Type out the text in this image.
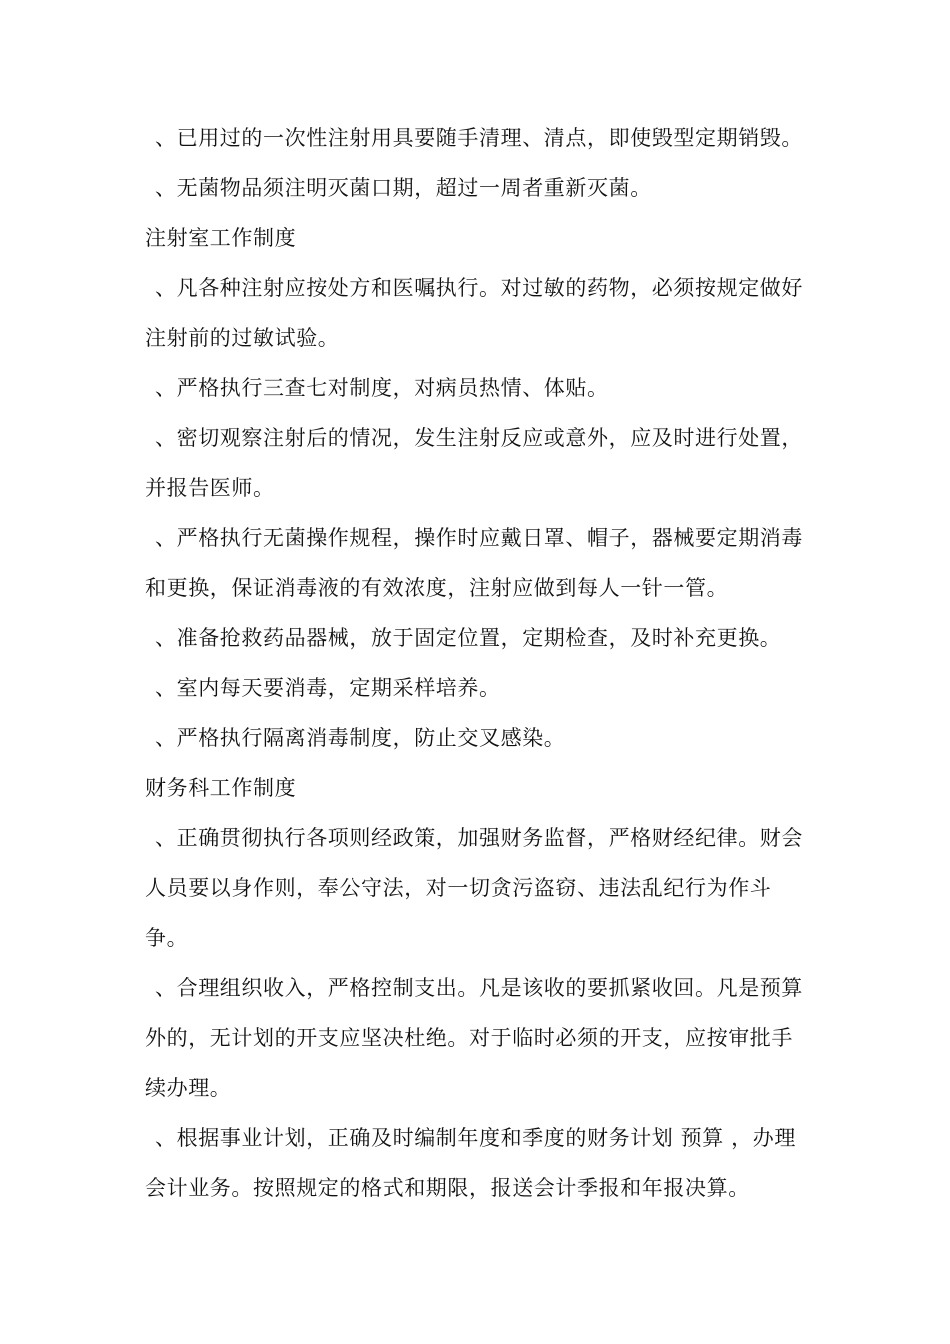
、已用过的一次性注射用具要随手清理、清点，即使毁型定期销毁。

、无菌物品须注明灭菌口期，超过一周者重新灭菌。

注射室工作制度

、凡各种注射应按处方和医嘱执行。对过敏的药物，必须按规定做好注射前的过敏试验。

、严格执行三查七对制度，对病员热情、体贴。

、密切观察注射后的情况，发生注射反应或意外，应及时进行处置，并报告医师。

、严格执行无菌操作规程，操作时应戴日罩、帽子，器械要定期消毒和更换，保证消毒液的有效浓度，注射应做到每人一针一管。

、准备抢救药品器械，放于固定位置，定期检查，及时补充更换。

、室内每天要消毒，定期采样培养。

、严格执行隔离消毒制度，防止交叉感染。

财务科工作制度

、正确贯彻执行各项则经政策，加强财务监督，严格财经纪律。财会人员要以身作则，奉公守法，对一切贪污盗窃、违法乱纪行为作斗争。

、合理组织收入，严格控制支出。凡是该收的要抓紧收回。凡是预算外的，无计划的开支应坚决杜绝。对于临时必须的开支，应按审批手续办理。

、根据事业计划，正确及时编制年度和季度的财务计划 预算 ，办理会计业务。按照规定的格式和期限，报送会计季报和年报决算。
